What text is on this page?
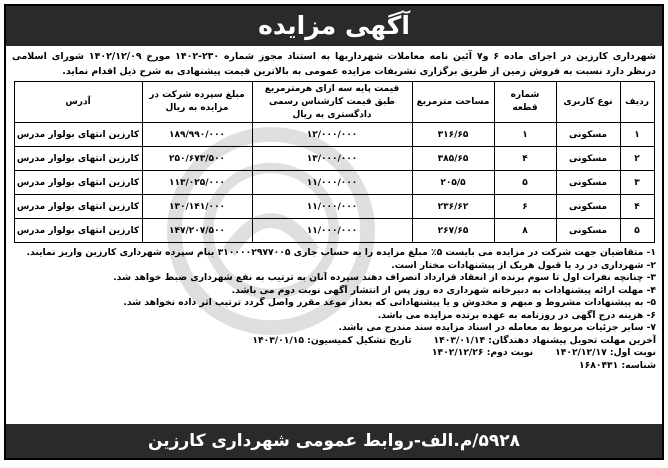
آگهی مزایده
شهرداری کارزین در اجرای ماده ۶ و۷ آئین نامه معاملات شهرداریها به استناد مجوز شماره ۲۳۰-۱۴۰۲ مورخ ۱۴۰۲/۱۲/۰۹ شورای اسلامی درنظر دارد نسبت به فروش زمین از طریق برگزاری تشریفات مزایده عمومی به بالاترین قیمت پیشنهادی به شرح ذیل اقدام نماید.
ردیف	نوع کاربری	شماره قطعه	مساحت مترمربع	قیمت پایه سه ازای هرمترمربع طبق قیمت کارشناس رسمی دادگستری به ریال	مبلغ سپرده شرکت در مزایده به ریال	آدرس
۱	مسکونی	۱	۳۱۶/۶۵	۱۲/۰۰۰/۰۰۰	۱۸۹/۹۹۰/۰۰۰	کارزین انتهای بولوار مدرس
۲	مسکونی	۴	۳۸۵/۶۵	۱۳/۰۰۰/۰۰۰	۲۵۰/۶۷۳/۵۰۰	کارزین انتهای بولوار مدرس
۳	مسکونی	۵	۲۰۵/۵	۱۱/۰۰۰/۰۰۰	۱۱۳/۰۲۵/۰۰۰	کارزین انتهای بولوار مدرس
۴	مسکونی	۶	۲۳۶/۶۲	۱۱/۰۰۰/۰۰۰	۱۳۰/۱۴۱/۰۰۰	کارزین انتهای بولوار مدرس
۵	مسکونی	۸	۲۶۷/۶۵	۱۱/۰۰۰/۰۰۰	۱۴۷/۲۰۷/۵۰۰	کارزین انتهای بولوار مدرس
۱- متقاضیان جهت شرکت در مزایده می بایست ۵٪ مبلغ مزایده را به حساب جاری ۳۱۰۰۰۰۲۹۷۷۰۰۵ بنام سپرده شهرداری کارزین واریز نمایند.
۲- شهرداری در رد یا قبول هریک از پیشنهادات مختار است.
۳- چنانچه نفرات اول تا سوم برنده از انعقاد قرارداد انصراف دهند سپرده آنان به ترتیب به نفع شهرداری ضبط خواهد شد.
۴- مهلت ارائه پیشنهادات به دبیرخانه شهرداری ده روز پس از انتشار آگهی نوبت دوم می باشد.
۵- به پیشنهادات مشروط و مبهم و مخدوش و یا پیشنهاداتی که بعداز موعد مقرر واصل گردد ترتیب اثر داده نخواهد شد.
۶- هزینه درج آگهی در روزنامه به عهده برنده مزایده می باشد.
۷- سایر جزئیات مربوط به معامله در اسناد مزایده سند مندرج می باشد.
آخرین مهلت تحویل پیشنهاد دهندگان: ۱۴۰۳/۰۱/۱۴
تاریخ تشکیل کمیسیون: ۱۴۰۳/۰۱/۱۵
نوبت اول: ۱۴۰۲/۱۲/۱۷
نوبت دوم: ۱۴۰۲/۱۲/۲۶
شناسه: ۱۶۸۰۴۳۱
۵۹۲۸/م.الف-روابط عمومی شهرداری کارزین
